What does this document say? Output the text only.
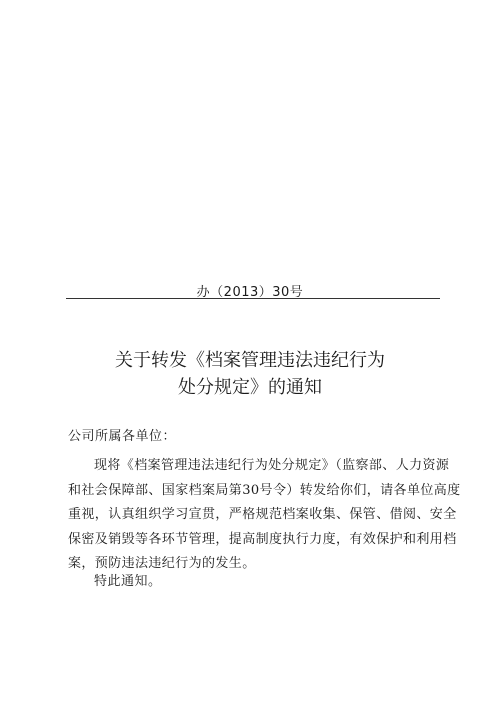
办（2013）30号
关于转发《档案管理违法违纪行为
处分规定》的通知
公司所属各单位：
现将《档案管理违法违纪行为处分规定》（监察部、人力资源
和社会保障部、国家档案局第30号令）转发给你们，请各单位高度
重视，认真组织学习宣贯，严格规范档案收集、保管、借阅、安全
保密及销毁等各环节管理，提高制度执行力度，有效保护和利用档
案，预防违法违纪行为的发生。
特此通知。
